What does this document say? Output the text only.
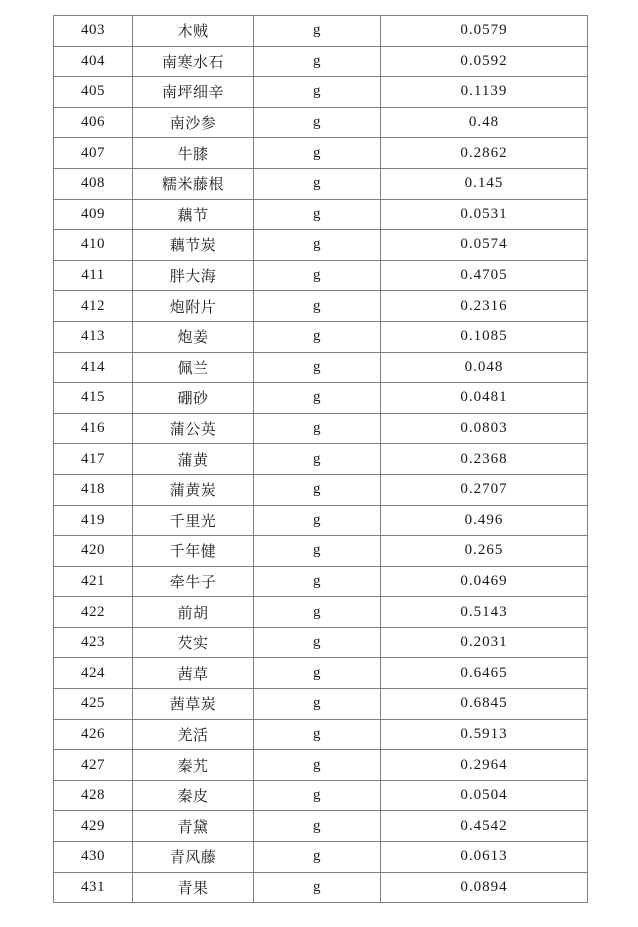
403	木贼	g	0.0579
404	南寒水石	g	0.0592
405	南坪细辛	g	0.1139
406	南沙参	g	0.48
407	牛膝	g	0.2862
408	糯米藤根	g	0.145
409	藕节	g	0.0531
410	藕节炭	g	0.0574
411	胖大海	g	0.4705
412	炮附片	g	0.2316
413	炮姜	g	0.1085
414	佩兰	g	0.048
415	硼砂	g	0.0481
416	蒲公英	g	0.0803
417	蒲黄	g	0.2368
418	蒲黄炭	g	0.2707
419	千里光	g	0.496
420	千年健	g	0.265
421	牵牛子	g	0.0469
422	前胡	g	0.5143
423	芡实	g	0.2031
424	茜草	g	0.6465
425	茜草炭	g	0.6845
426	羌活	g	0.5913
427	秦艽	g	0.2964
428	秦皮	g	0.0504
429	青黛	g	0.4542
430	青风藤	g	0.0613
431	青果	g	0.0894
